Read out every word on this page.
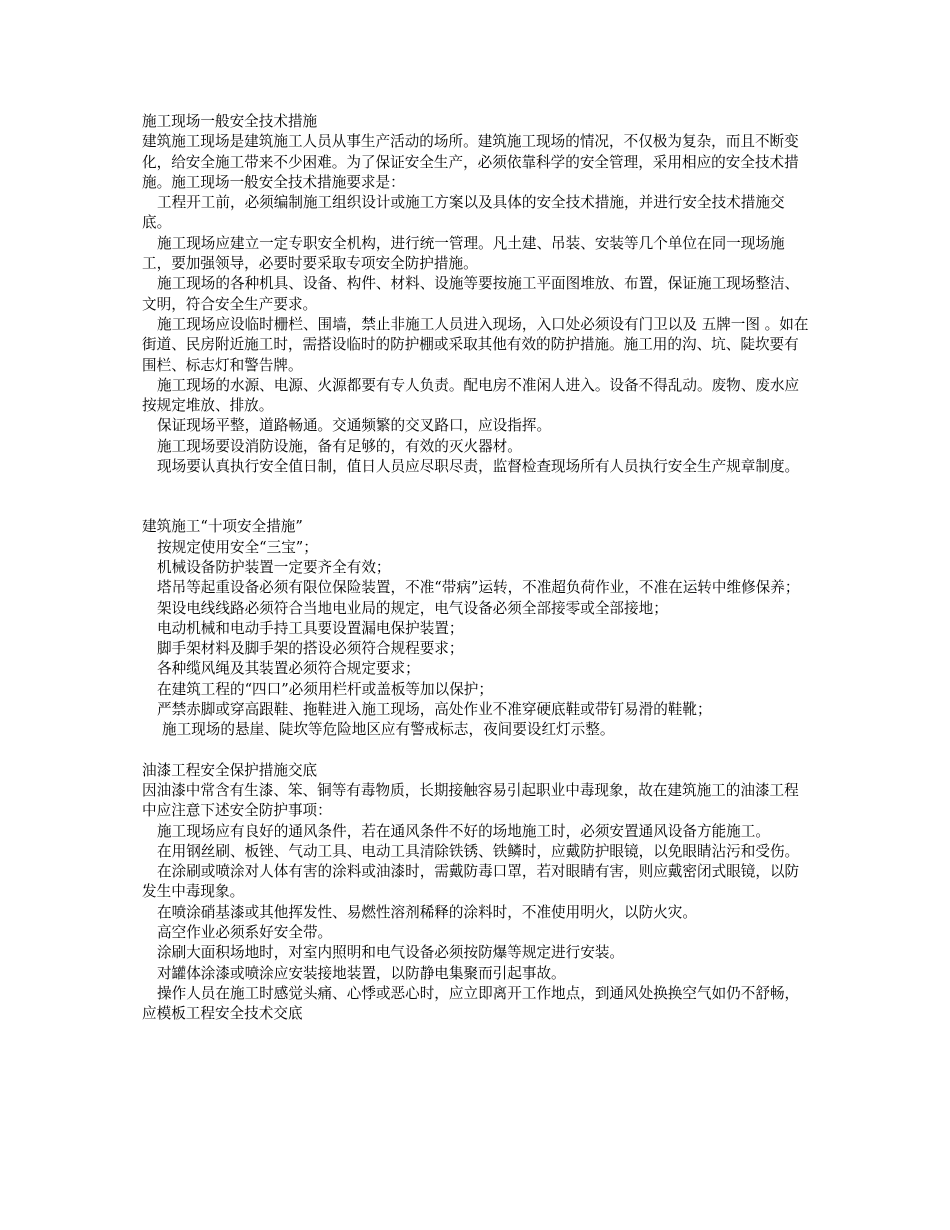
施工现场一般安全技术措施

建筑施工现场是建筑施工人员从事生产活动的场所。建筑施工现场的情况，不仅极为复杂，而且不断变化，给安全施工带来不少困难。为了保证安全生产，必须依靠科学的安全管理，采用相应的安全技术措施。施工现场一般安全技术措施要求是：

工程开工前，必须编制施工组织设计或施工方案以及具体的安全技术措施，并进行安全技术措施交底。

施工现场应建立一定专职安全机构，进行统一管理。凡土建、吊装、安装等几个单位在同一现场施工，要加强领导，必要时要采取专项安全防护措施。

施工现场的各种机具、设备、构件、材料、设施等要按施工平面图堆放、布置，保证施工现场整洁、文明，符合安全生产要求。

施工现场应设临时栅栏、围墙，禁止非施工人员进入现场，入口处必须设有门卫以及 五牌一图 。如在街道、民房附近施工时，需搭设临时的防护棚或采取其他有效的防护措施。施工用的沟、坑、陡坎要有围栏、标志灯和警告牌。

施工现场的水源、电源、火源都要有专人负责。配电房不准闲人进入。设备不得乱动。废物、废水应按规定堆放、排放。

保证现场平整，道路畅通。交通频繁的交叉路口，应设指挥。

施工现场要设消防设施，备有足够的，有效的灭火器材。

现场要认真执行安全值日制，值日人员应尽职尽责，监督检查现场所有人员执行安全生产规章制度。

建筑施工“十项安全措施”

按规定使用安全“三宝”；

机械设备防护装置一定要齐全有效；

塔吊等起重设备必须有限位保险装置，不准“带病”运转，不准超负荷作业，不准在运转中维修保养；

架设电线线路必须符合当地电业局的规定，电气设备必须全部接零或全部接地；

电动机械和电动手持工具要设置漏电保护装置；

脚手架材料及脚手架的搭设必须符合规程要求；

各种缆风绳及其装置必须符合规定要求；

在建筑工程的“四口”必须用栏杆或盖板等加以保护；

严禁赤脚或穿高跟鞋、拖鞋进入施工现场，高处作业不准穿硬底鞋或带钉易滑的鞋靴；

施工现场的悬崖、陡坎等危险地区应有警戒标志，夜间要设红灯示整。

油漆工程安全保护措施交底

因油漆中常含有生漆、笨、铜等有毒物质，长期接触容易引起职业中毒现象，故在建筑施工的油漆工程中应注意下述安全防护事项：

施工现场应有良好的通风条件，若在通风条件不好的场地施工时，必须安置通风设备方能施工。

在用钢丝刷、板锉、气动工具、电动工具清除铁锈、铁鳞时，应戴防护眼镜，以免眼睛沾污和受伤。

在涂刷或喷涂对人体有害的涂料或油漆时，需戴防毒口罩，若对眼睛有害，则应戴密闭式眼镜，以防发生中毒现象。

在喷涂硝基漆或其他挥发性、易燃性溶剂稀释的涂料时，不准使用明火，以防火灾。

高空作业必须系好安全带。

涂刷大面积场地时，对室内照明和电气设备必须按防爆等规定进行安装。

对罐体涂漆或喷涂应安装接地装置，以防静电集聚而引起事故。

操作人员在施工时感觉头痛、心悸或恶心时，应立即离开工作地点，到通风处换换空气如仍不舒畅，应模板工程安全技术交底
